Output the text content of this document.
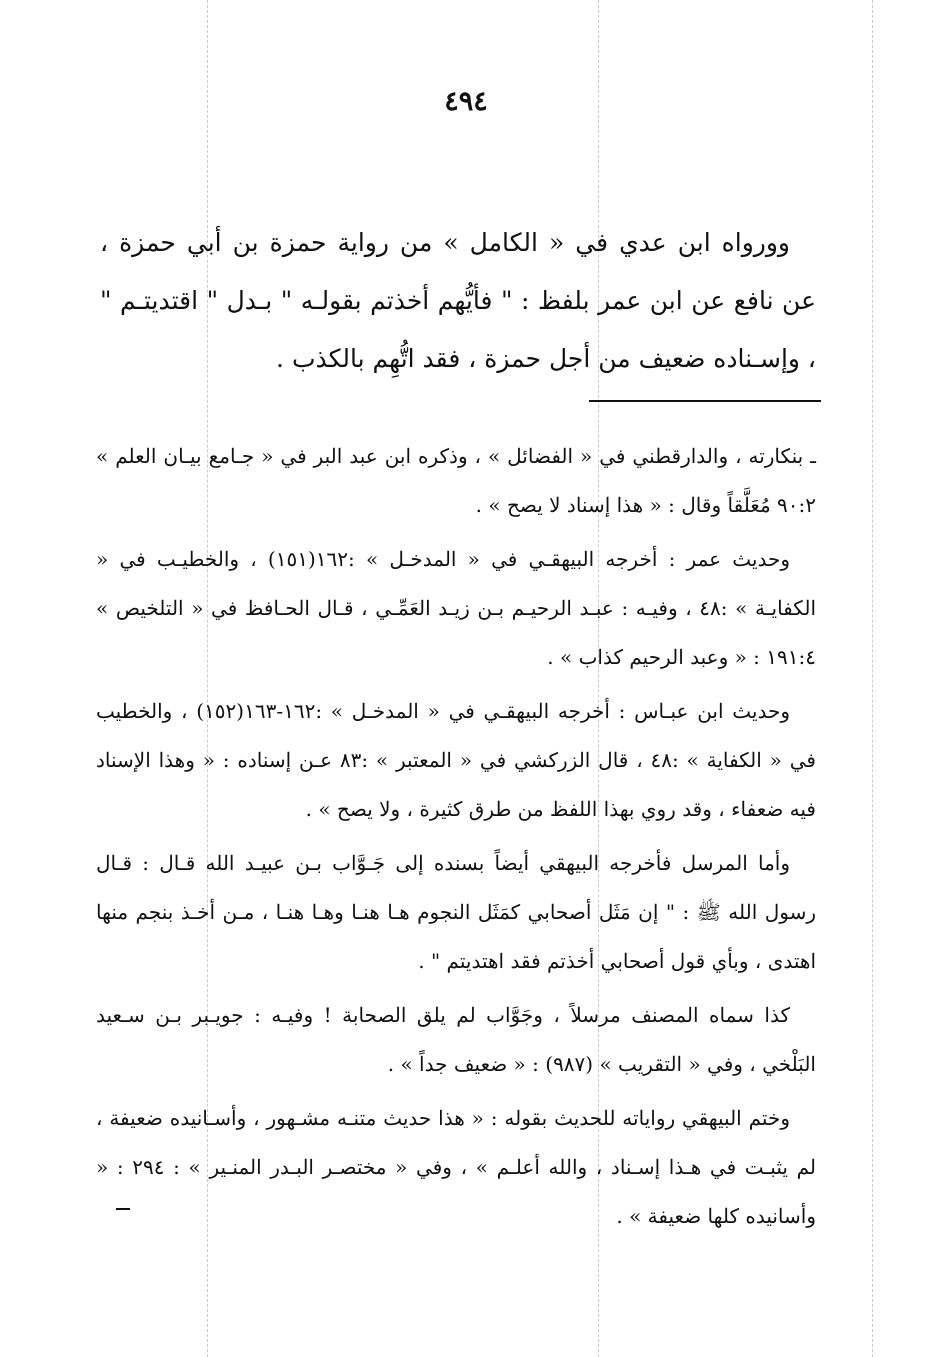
٤٩٤

وورواه ابن عدي في « الكامل » من رواية حمزة بن أبي حمزة ، عن نافع عن ابن عمر بلفظ : " فأيُّهم أخذتم بقولـه " بـدل " اقتديتـم " ، وإسـناده ضعيف من أجل حمزة ، فقد اتُّهِم بالكذب .

ـ بنكارته ، والدارقطني في « الفضائل » ، وذكره ابن عبد البر في « جـامع بيـان العلم » ٩٠:٢ مُعَلَّقاً وقال : « هذا إسناد لا يصح » .

وحديث عمر : أخرجه البيهقـي في « المدخـل » :١٦٢(١٥١) ، والخطيـب في « الكفايـة » :٤٨ ، وفيـه : عبـد الرحيـم بـن زيـد العَمِّـي ، قـال الحـافظ في « التلخيص » ١٩١:٤ : « وعبد الرحيم كذاب » .

وحديث ابن عبـاس : أخرجه البيهقـي في « المدخـل » :١٦٢-١٦٣(١٥٢) ، والخطيب في « الكفاية » :٤٨ ، قال الزركشي في « المعتبر » :٨٣ عـن إسناده : « وهذا الإسناد فيه ضعفاء ، وقد روي بهذا اللفظ من طرق كثيرة ، ولا يصح » .

وأما المرسل فأخرجه البيهقي أيضاً بسنده إلى جَـوَّاب بـن عبيـد الله قـال : قـال رسول الله ﷺ : " إن مَثَل أصحابي كمَثَل النجوم هـا هنـا وهـا هنـا ، مـن أخـذ بنجم منها اهتدى ، وبأي قول أصحابي أخذتم فقد اهتديتم " .

كذا سماه المصنف مرسلاً ، وجَوَّاب لم يلق الصحابة ! وفيـه : جويـبر بـن سـعيد البَلْخي ، وفي « التقريب » (٩٨٧) : « ضعيف جداً » .

وختم البيهقي رواياته للحديث بقوله : « هذا حديث متنـه مشـهور ، وأسـانيده ضعيفة ، لم يثبـت في هـذا إسـناد ، والله أعلـم » ، وفي « مختصـر البـدر المنـير » : ٢٩٤ : « وأسانيده كلها ضعيفة » .
